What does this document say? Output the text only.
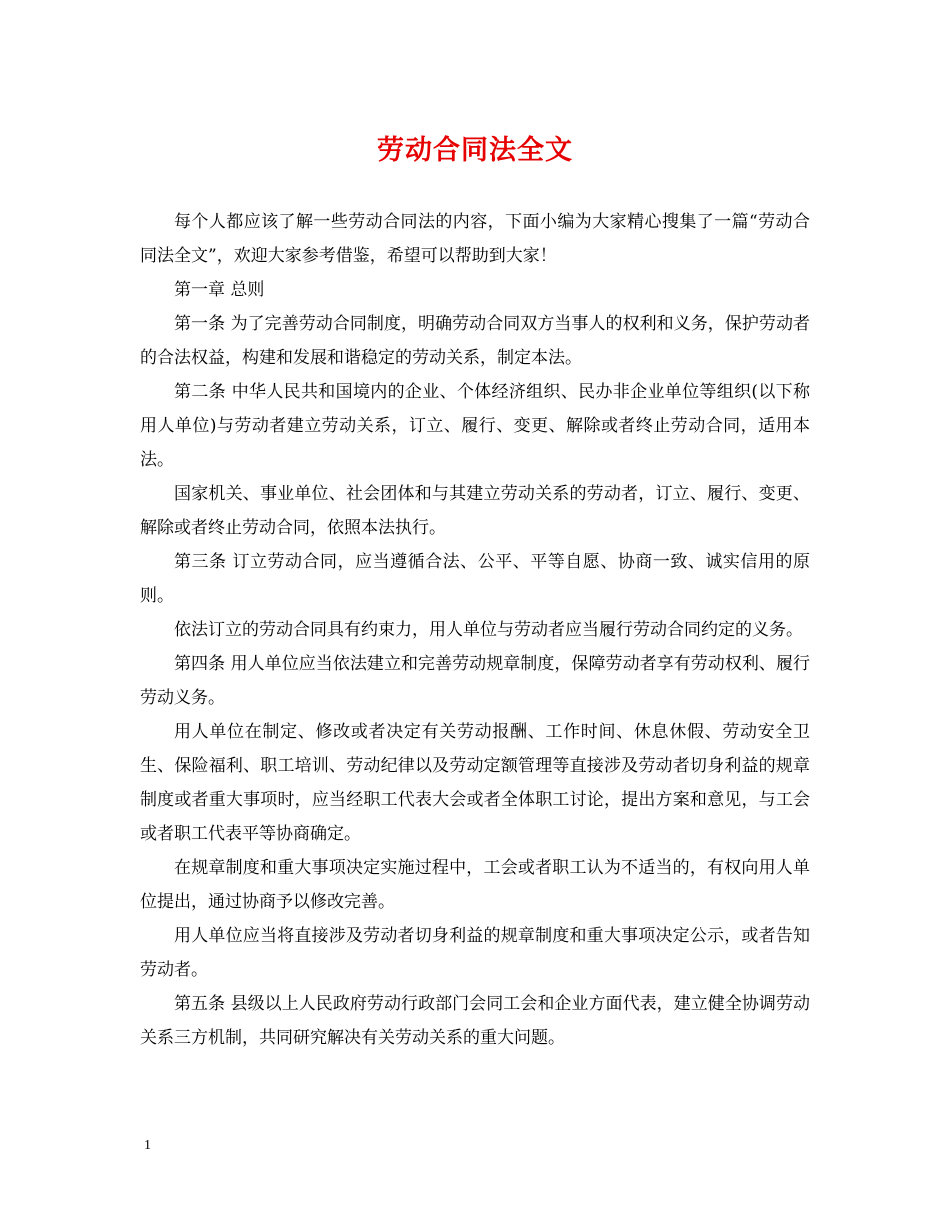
劳动合同法全文

每个人都应该了解一些劳动合同法的内容，下面小编为大家精心搜集了一篇“劳动合同法全文”，欢迎大家参考借鉴，希望可以帮助到大家！

第一章 总则

第一条 为了完善劳动合同制度，明确劳动合同双方当事人的权利和义务，保护劳动者的合法权益，构建和发展和谐稳定的劳动关系，制定本法。

第二条 中华人民共和国境内的企业、个体经济组织、民办非企业单位等组织(以下称用人单位)与劳动者建立劳动关系，订立、履行、变更、解除或者终止劳动合同，适用本法。

国家机关、事业单位、社会团体和与其建立劳动关系的劳动者，订立、履行、变更、解除或者终止劳动合同，依照本法执行。

第三条 订立劳动合同，应当遵循合法、公平、平等自愿、协商一致、诚实信用的原则。

依法订立的劳动合同具有约束力，用人单位与劳动者应当履行劳动合同约定的义务。

第四条 用人单位应当依法建立和完善劳动规章制度，保障劳动者享有劳动权利、履行劳动义务。

用人单位在制定、修改或者决定有关劳动报酬、工作时间、休息休假、劳动安全卫生、保险福利、职工培训、劳动纪律以及劳动定额管理等直接涉及劳动者切身利益的规章制度或者重大事项时，应当经职工代表大会或者全体职工讨论，提出方案和意见，与工会或者职工代表平等协商确定。

在规章制度和重大事项决定实施过程中，工会或者职工认为不适当的，有权向用人单位提出，通过协商予以修改完善。

用人单位应当将直接涉及劳动者切身利益的规章制度和重大事项决定公示，或者告知劳动者。

第五条 县级以上人民政府劳动行政部门会同工会和企业方面代表，建立健全协调劳动关系三方机制，共同研究解决有关劳动关系的重大问题。

1
